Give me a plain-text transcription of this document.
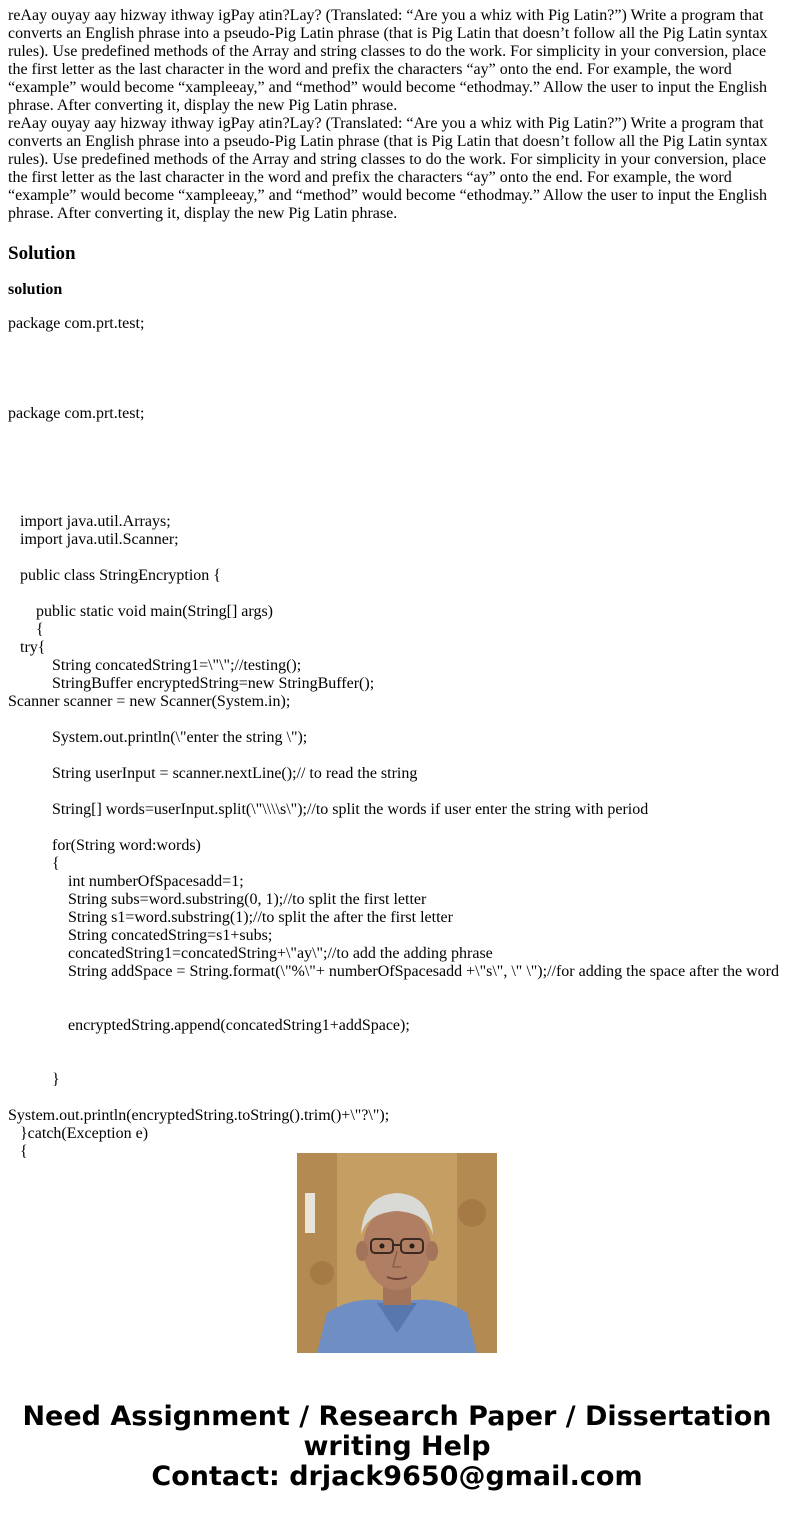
reAay ouyay aay hizway ithway igPay atin?Lay? (Translated: “Are you a whiz with Pig Latin?”) Write a program that converts an English phrase into a pseudo-Pig Latin phrase (that is Pig Latin that doesn’t follow all the Pig Latin syntax rules). Use predefined methods of the Array and string classes to do the work. For simplicity in your conversion, place the first letter as the last character in the word and prefix the characters “ay” onto the end. For example, the word “example” would become “xampleeay,” and “method” would become “ethodmay.” Allow the user to input the English phrase. After converting it, display the new Pig Latin phrase.

reAay ouyay aay hizway ithway igPay atin?Lay? (Translated: “Are you a whiz with Pig Latin?”) Write a program that converts an English phrase into a pseudo-Pig Latin phrase (that is Pig Latin that doesn’t follow all the Pig Latin syntax rules). Use predefined methods of the Array and string classes to do the work. For simplicity in your conversion, place the first letter as the last character in the word and prefix the characters “ay” onto the end. For example, the word “example” would become “xampleeay,” and “method” would become “ethodmay.” Allow the user to input the English phrase. After converting it, display the new Pig Latin phrase.

Solution
solution
package com.prt.test;

package com.prt.test;

import java.util.Arrays;
import java.util.Scanner;

public class StringEncryption {

public static void main(String[] args)
{
try{
String concatedString1=\"\";//testing();
StringBuffer encryptedString=new StringBuffer();
Scanner scanner = new Scanner(System.in);

System.out.println(\"enter the string \");

String userInput = scanner.nextLine();// to read the string

String[] words=userInput.split(\"\\\\s\");//to split the words if user enter the string with period

for(String word:words)
{
int numberOfSpacesadd=1;
String subs=word.substring(0, 1);//to split the first letter
String s1=word.substring(1);//to split the after the first letter
String concatedString=s1+subs;
concatedString1=concatedString+\"ay\";//to add the adding phrase
String addSpace = String.format(\"%\"+ numberOfSpacesadd +\"s\", \" \");//for adding the space after the word

encryptedString.append(concatedString1+addSpace);

}

System.out.println(encryptedString.toString().trim()+\"?\");
}catch(Exception e)
{
Need Assignment / Research Paper / Dissertation
writing Help
Contact: drjack9650@gmail.com
